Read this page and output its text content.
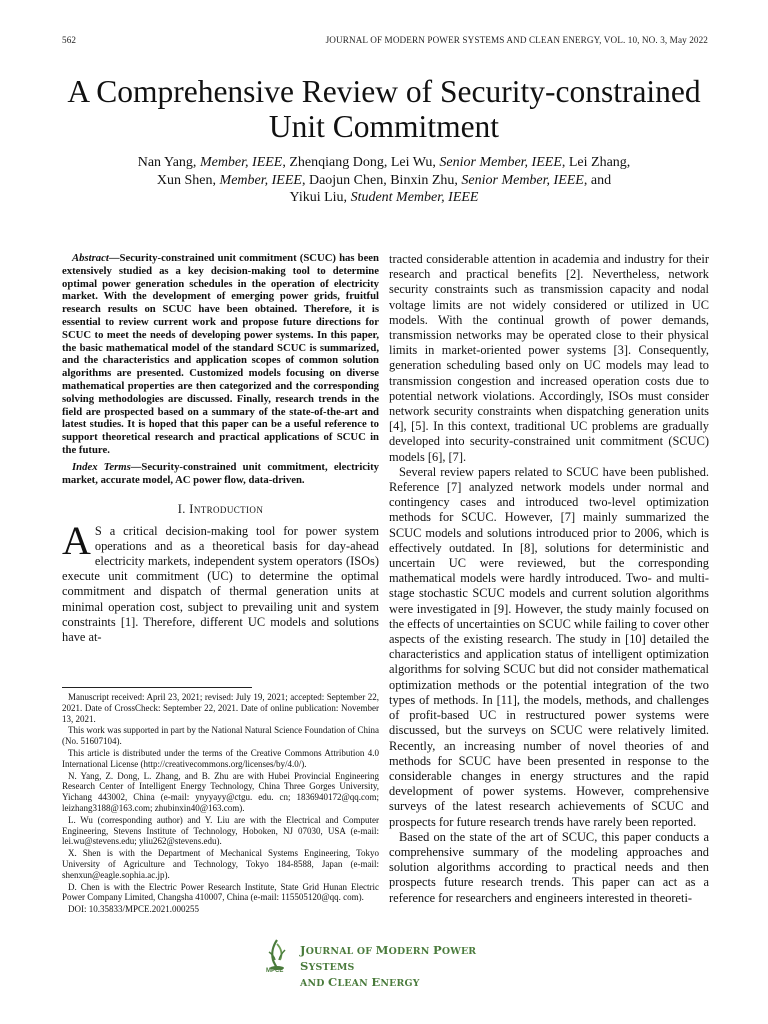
562	JOURNAL OF MODERN POWER SYSTEMS AND CLEAN ENERGY, VOL. 10, NO. 3, May 2022
A Comprehensive Review of Security-constrained
Unit Commitment
Nan Yang, Member, IEEE, Zhenqiang Dong, Lei Wu, Senior Member, IEEE, Lei Zhang,
Xun Shen, Member, IEEE, Daojun Chen, Binxin Zhu, Senior Member, IEEE, and
Yikui Liu, Student Member, IEEE

Abstract—Security-constrained unit commitment (SCUC) has been extensively studied as a key decision-making tool to determine optimal power generation schedules in the operation of electricity market. With the development of emerging power grids, fruitful research results on SCUC have been obtained. Therefore, it is essential to review current work and propose future directions for SCUC to meet the needs of developing power systems. In this paper, the basic mathematical model of the standard SCUC is summarized, and the characteristics and application scopes of common solution algorithms are presented. Customized models focusing on diverse mathematical properties are then categorized and the corresponding solving methodologies are discussed. Finally, research trends in the field are prospected based on a summary of the state-of-the-art and latest studies. It is hoped that this paper can be a useful reference to support theoretical research and practical applications of SCUC in the future.

Index Terms—Security-constrained unit commitment, electricity market, accurate model, AC power flow, data-driven.

I. Introduction

A S a critical decision-making tool for power system operations and as a theoretical basis for day-ahead electricity markets, independent system operators (ISOs) execute unit commitment (UC) to determine the optimal commitment and dispatch of thermal generation units at minimal operation cost, subject to prevailing unit and system constraints [1]. Therefore, different UC models and solutions have at-

Manuscript received: April 23, 2021; revised: July 19, 2021; accepted: September 22, 2021. Date of CrossCheck: September 22, 2021. Date of online publication: November 13, 2021.

This work was supported in part by the National Natural Science Foundation of China (No. 51607104).

This article is distributed under the terms of the Creative Commons Attribution 4.0 International License (http://creativecommons.org/licenses/by/4.0/).

N. Yang, Z. Dong, L. Zhang, and B. Zhu are with Hubei Provincial Engineering Research Center of Intelligent Energy Technology, China Three Gorges University, Yichang 443002, China (e-mail: ynyyayy@ctgu. edu. cn; 1836940172@qq.com; leizhang3188@163.com; zhubinxin40@163.com).

L. Wu (corresponding author) and Y. Liu are with the Electrical and Computer Engineering, Stevens Institute of Technology, Hoboken, NJ 07030, USA (e-mail: lei.wu@stevens.edu; yliu262@stevens.edu).

X. Shen is with the Department of Mechanical Systems Engineering, Tokyo University of Agriculture and Technology, Tokyo 184-8588, Japan (e-mail: shenxun@eagle.sophia.ac.jp).

D. Chen is with the Electric Power Research Institute, State Grid Hunan Electric Power Company Limited, Changsha 410007, China (e-mail: 115505120@qq. com).

DOI: 10.35833/MPCE.2021.000255

tracted considerable attention in academia and industry for their research and practical benefits [2]. Nevertheless, network security constraints such as transmission capacity and nodal voltage limits are not widely considered or utilized in UC models. With the continual growth of power demands, transmission networks may be operated close to their physical limits in market-oriented power systems [3]. Consequently, generation scheduling based only on UC models may lead to transmission congestion and increased operation costs due to potential network violations. Accordingly, ISOs must consider network security constraints when dispatching generation units [4], [5]. In this context, traditional UC problems are gradually developed into security-constrained unit commitment (SCUC) models [6], [7].

Several review papers related to SCUC have been published. Reference [7] analyzed network models under normal and contingency cases and introduced two-level optimization methods for SCUC. However, [7] mainly summarized the SCUC models and solutions introduced prior to 2006, which is effectively outdated. In [8], solutions for deterministic and uncertain UC were reviewed, but the corresponding mathematical models were hardly introduced. Two- and multi-stage stochastic SCUC models and current solution algorithms were investigated in [9]. However, the study mainly focused on the effects of uncertainties on SCUC while failing to cover other aspects of the existing research. The study in [10] detailed the characteristics and application status of intelligent optimization algorithms for solving SCUC but did not consider mathematical optimization methods or the potential integration of the two types of methods. In [11], the models, methods, and challenges of profit-based UC in restructured power systems were discussed, but the surveys on SCUC were relatively limited. Recently, an increasing number of novel theories of and methods for SCUC have been presented in response to the considerable changes in energy structures and the rapid development of power systems. However, comprehensive surveys of the latest research achievements of SCUC and prospects for future research trends have rarely been reported.

Based on the state of the art of SCUC, this paper conducts a comprehensive summary of the modeling approaches and solution algorithms according to practical needs and then prospects future research trends. This paper can act as a reference for researchers and engineers interested in theoreti-

MPCE
JOURNAL OF MODERN POWER SYSTEMS
AND CLEAN ENERGY
